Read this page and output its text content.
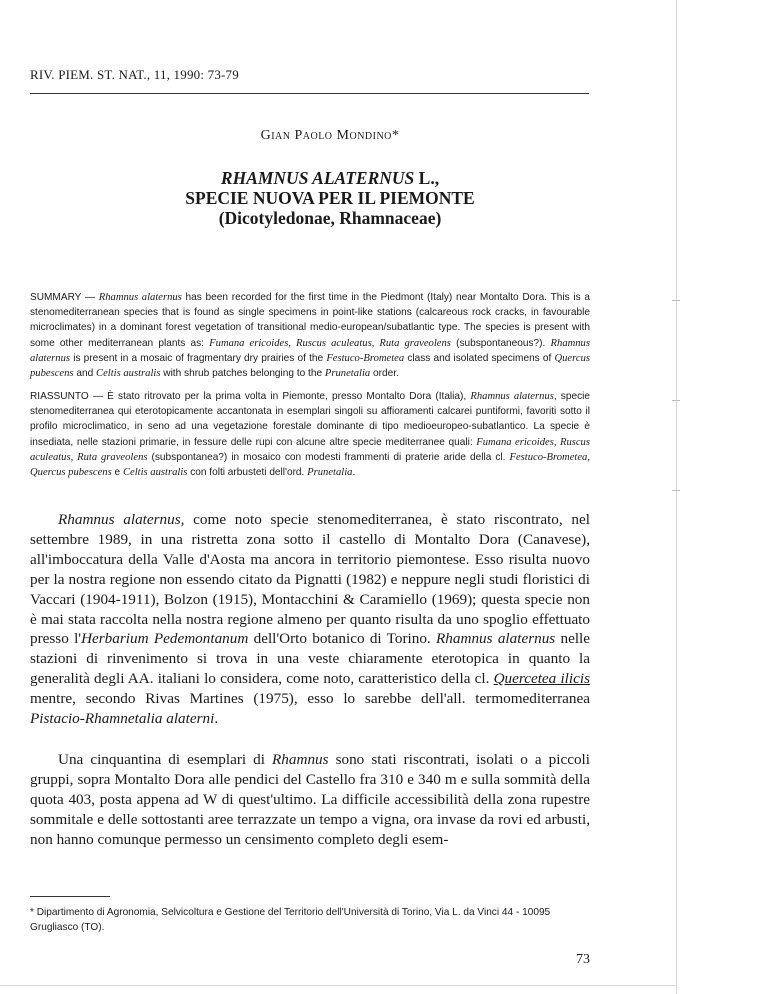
RIV. PIEM. ST. NAT., 11, 1990: 73-79
Gian Paolo Mondino*
RHAMNUS ALATERNUS L.,
SPECIE NUOVA PER IL PIEMONTE
(Dicotyledonae, Rhamnaceae)

SUMMARY — Rhamnus alaternus has been recorded for the first time in the Piedmont (Italy) near Montalto Dora. This is a stenomediterranean species that is found as single specimens in point-like stations (calcareous rock cracks, in favourable microclimates) in a dominant forest vegetation of transitional medio-european/subatlantic type. The species is present with some other mediterranean plants as: Fumana ericoides, Ruscus aculeatus, Ruta graveolens (subspontaneous?). Rhamnus alaternus is present in a mosaic of fragmentary dry prairies of the Festuco-Brometea class and isolated specimens of Quercus pubescens and Celtis australis with shrub patches belonging to the Prunetalia order.

RIASSUNTO — È stato ritrovato per la prima volta in Piemonte, presso Montalto Dora (Italia), Rhamnus alaternus, specie stenomediterranea qui eterotopicamente accantonata in esemplari singoli su affioramenti calcarei puntiformi, favoriti sotto il profilo microclimatico, in seno ad una vegetazione forestale dominante di tipo medioeuropeo-subatlantico. La specie è insediata, nelle stazioni primarie, in fessure delle rupi con alcune altre specie mediterranee quali: Fumana ericoides, Ruscus aculeatus, Ruta graveolens (subspontanea?) in mosaico con modesti frammenti di praterie aride della cl. Festuco-Brometea, Quercus pubescens e Celtis australis con folti arbusteti dell'ord. Prunetalia.

Rhamnus alaternus, come noto specie stenomediterranea, è stato riscontrato, nel settembre 1989, in una ristretta zona sotto il castello di Montalto Dora (Canavese), all'imboccatura della Valle d'Aosta ma ancora in territorio piemontese. Esso risulta nuovo per la nostra regione non essendo citato da Pignatti (1982) e neppure negli studi floristici di Vaccari (1904-1911), Bolzon (1915), Montacchini & Caramiello (1969); questa specie non è mai stata raccolta nella nostra regione almeno per quanto risulta da uno spoglio effettuato presso l'Herbarium Pedemontanum dell'Orto botanico di Torino. Rhamnus alaternus nelle stazioni di rinvenimento si trova in una veste chiaramente eterotopica in quanto la generalità degli AA. italiani lo considera, come noto, caratteristico della cl. Quercetea ilicis mentre, secondo Rivas Martines (1975), esso lo sarebbe dell'all. termomediterranea Pistacio-Rhamnetalia alaterni.

Una cinquantina di esemplari di Rhamnus sono stati riscontrati, isolati o a piccoli gruppi, sopra Montalto Dora alle pendici del Castello fra 310 e 340 m e sulla sommità della quota 403, posta appena ad W di quest'ultimo. La difficile accessibilità della zona rupestre sommitale e delle sottostanti aree terrazzate un tempo a vigna, ora invase da rovi ed arbusti, non hanno comunque permesso un censimento completo degli esem-

* Dipartimento di Agronomia, Selvicoltura e Gestione del Territorio dell'Università di Torino, Via L. da Vinci 44 - 10095 Grugliasco (TO).

73
